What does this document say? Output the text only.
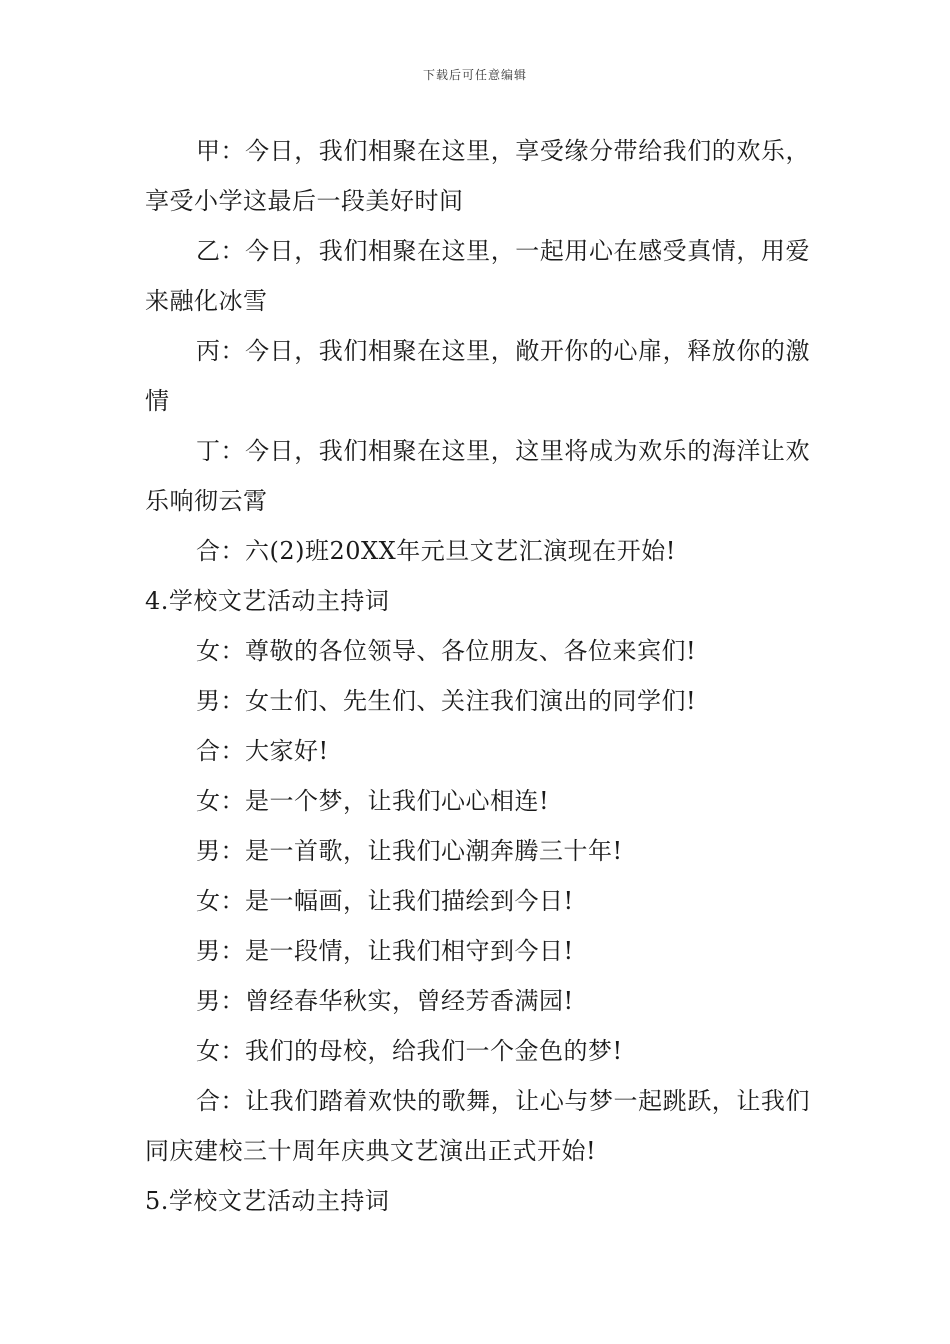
下载后可任意编辑

甲：今日，我们相聚在这里，享受缘分带给我们的欢乐，享受小学这最后一段美好时间

乙：今日，我们相聚在这里，一起用心在感受真情，用爱来融化冰雪

丙：今日，我们相聚在这里，敞开你的心扉，释放你的激情

丁：今日，我们相聚在这里，这里将成为欢乐的海洋让欢乐响彻云霄

合：六(2)班20XX年元旦文艺汇演现在开始!

4.学校文艺活动主持词

女：尊敬的各位领导、各位朋友、各位来宾们!

男：女士们、先生们、关注我们演出的同学们!

合：大家好!

女：是一个梦，让我们心心相连!

男：是一首歌，让我们心潮奔腾三十年!

女：是一幅画，让我们描绘到今日!

男：是一段情，让我们相守到今日!

男：曾经春华秋实，曾经芳香满园!

女：我们的母校，给我们一个金色的梦!

合：让我们踏着欢快的歌舞，让心与梦一起跳跃，让我们同庆建校三十周年庆典文艺演出正式开始!

5.学校文艺活动主持词
